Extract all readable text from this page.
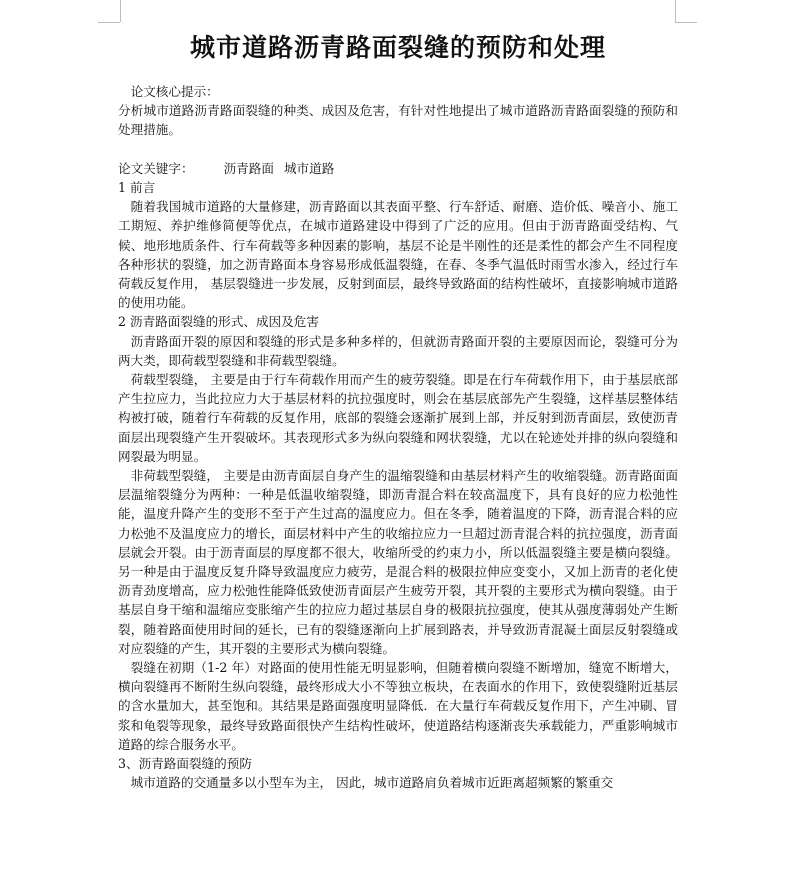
城市道路沥青路面裂缝的预防和处理

论文核心提示：

分析城市道路沥青路面裂缝的种类、成因及危害，有针对性地提出了城市道路沥青路面裂缝的预防和处理措施。

论文关键字： 沥青路面 城市道路

1 前言

随着我国城市道路的大量修建，沥青路面以其表面平整、行车舒适、耐磨、造价低、噪音小、施工工期短、养护维修简便等优点，在城市道路建设中得到了广泛的应用。但由于沥青路面受结构、气候、地形地质条件、行车荷载等多种因素的影响，基层不论是半刚性的还是柔性的都会产生不同程度各种形状的裂缝，加之沥青路面本身容易形成低温裂缝，在春、冬季气温低时雨雪水渗入，经过行车荷载反复作用， 基层裂缝进一步发展，反射到面层，最终导致路面的结构性破坏，直接影响城市道路的使用功能。

2 沥青路面裂缝的形式、成因及危害

沥青路面开裂的原因和裂缝的形式是多种多样的，但就沥青路面开裂的主要原因而论，裂缝可分为两大类，即荷载型裂缝和非荷载型裂缝。

荷载型裂缝， 主要是由于行车荷载作用而产生的疲劳裂缝。即是在行车荷载作用下，由于基层底部产生拉应力，当此拉应力大于基层材料的抗拉强度时，则会在基层底部先产生裂缝，这样基层整体结构被打破，随着行车荷载的反复作用，底部的裂缝会逐渐扩展到上部，并反射到沥青面层，致使沥青面层出现裂缝产生开裂破坏。其表现形式多为纵向裂缝和网状裂缝，尤以在轮迹处并排的纵向裂缝和网裂最为明显。

非荷载型裂缝， 主要是由沥青面层自身产生的温缩裂缝和由基层材料产生的收缩裂缝。沥青路面面层温缩裂缝分为两种：一种是低温收缩裂缝，即沥青混合料在较高温度下，具有良好的应力松弛性能，温度升降产生的变形不至于产生过高的温度应力。但在冬季，随着温度的下降，沥青混合料的应力松弛不及温度应力的增长，面层材料中产生的收缩拉应力一旦超过沥青混合料的抗拉强度，沥青面层就会开裂。由于沥青面层的厚度都不很大，收缩所受的约束力小，所以低温裂缝主要是横向裂缝。另一种是由于温度反复升降导致温度应力疲劳，是混合料的极限拉伸应变变小，又加上沥青的老化使沥青劲度增高，应力松弛性能降低致使沥青面层产生疲劳开裂，其开裂的主要形式为横向裂缝。由于基层自身干缩和温缩应变胀缩产生的拉应力超过基层自身的极限抗拉强度，使其从强度薄弱处产生断裂，随着路面使用时间的延长，已有的裂缝逐渐向上扩展到路表，并导致沥青混凝土面层反射裂缝或对应裂缝的产生，其开裂的主要形式为横向裂缝。

裂缝在初期（1-2 年）对路面的使用性能无明显影响，但随着横向裂缝不断增加，缝宽不断增大，横向裂缝再不断附生纵向裂缝，最终形成大小不等独立板块，在表面水的作用下，致使裂缝附近基层的含水量加大，甚至饱和。其结果是路面强度明显降低．在大量行车荷载反复作用下，产生冲刷、冒浆和龟裂等现象，最终导致路面很快产生结构性破坏，使道路结构逐渐丧失承载能力，严重影响城市道路的综合服务水平。

3、沥青路面裂缝的预防

城市道路的交通量多以小型车为主， 因此，城市道路肩负着城市近距离超频繁的繁重交
